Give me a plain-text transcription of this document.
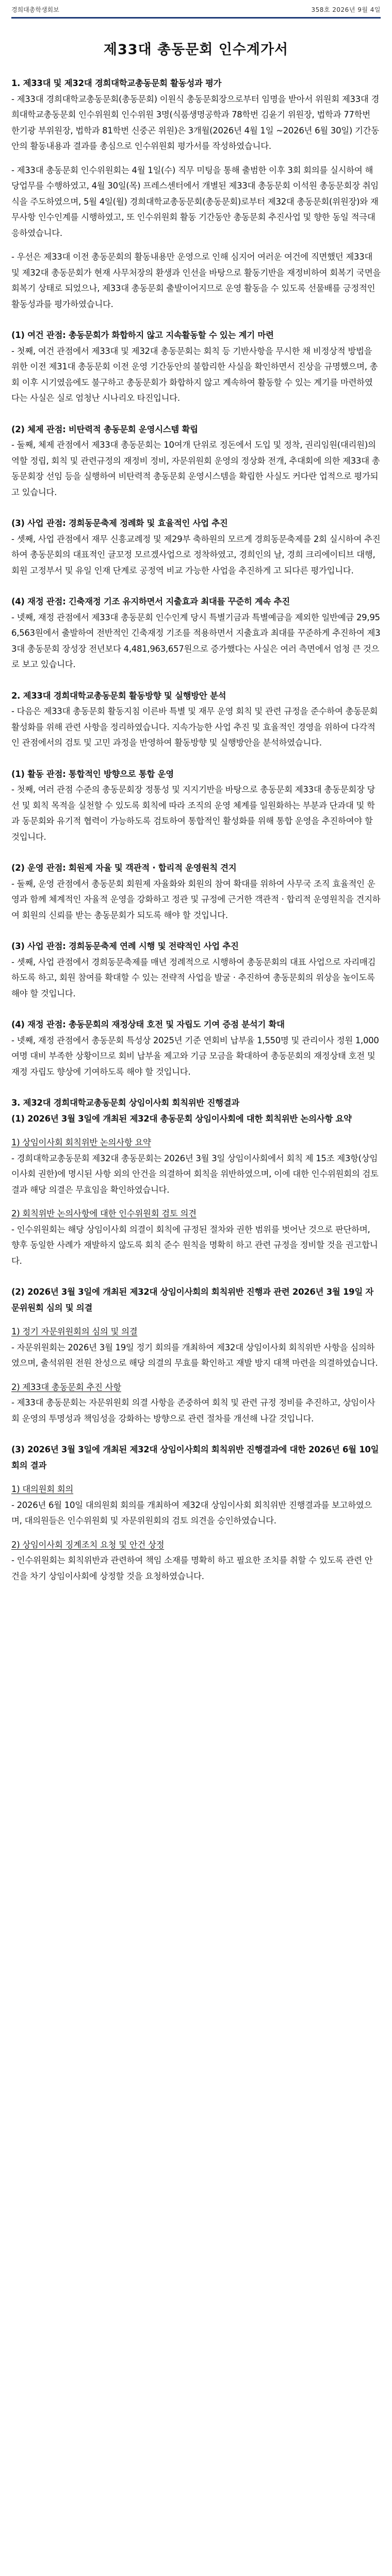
경희대총학생회보	358호 2026년 9월 4일
제33대 총동문회 인수계가서

1. 제33대 및 제32대 경희대학교총동문회 활동성과 평가

- 제33대 경희대학교총동문회(총동문회) 이원식 총동문회장으로부터 임명을 받아서 위원회 제33대 경희대학교총동문회 인수위원회 인수위원 3명(식품생명공학과 78학번 김윤기 위원장, 법학과 77학번 한기광 부위원장, 법학과 81학번 신중곤 위원)은 3개월(2026년 4월 1일 ~2026년 6월 30일) 기간동안의 활동내용과 결과를 총심으로 인수위원회 평가서를 작성하였습니다.

- 제33대 총동문회 인수위원회는 4월 1일(수) 직무 미팅을 통해 출범한 이후 3회 회의를 실시하여 해당업무를 수행하였고, 4월 30일(목) 프레스센터에서 개별된 제33대 총동문회 이석원 총동문회장 취임식을 주도하였으며, 5월 4일(월) 경희대학교총동문회(총동문회)로부터 제32대 총동문회(위원장)와 재무사항 인수인계를 시행하였고, 또 인수위원회 활동 기간동안 총동문회 추진사업 및 향한 동일 적극대응하였습니다.

- 우선은 제33대 이전 총동문회의 활동내용만 운영으로 인해 심지어 여러운 여건에 직면했던 제33대 및 제32대 총동문회가 현재 사무처장의 환생과 인선을 바탕으로 활동기반을 재정비하여 회복기 국면을 회복기 상태로 되었으나, 제33대 총동문회 출발이어지므로 운영 활동을 수 있도록 선물배를 긍정적인 활동성과를 평가하였습니다.

(1) 여건 관점: 총동문회가 화합하지 않고 지속활동할 수 있는 계기 마련

- 첫째, 여건 관점에서 제33대 및 제32대 총동문회는 회칙 등 기반사항을 무시한 채 비정상적 방법을 위한 이전 제31대 총동문회 이전 운영 기간동안의 불합리한 사실을 확인하면서 진상을 규명했으며, 총회 이후 시기였음에도 불구하고 총동문회가 화합하지 않고 계속하여 활동할 수 있는 계기를 마련하였다는 사실은 실로 엄청난 시나리오 타진입니다.

(2) 체제 관점: 비탄력적 총동문회 운영시스템 확립

- 둘째, 체제 관점에서 제33대 총동문회는 10여개 단위로 정돈에서 도입 및 정착, 권리임원(대리원)의 역할 정립, 회칙 및 관련규정의 재정비 정비, 자문위원회 운영의 정상화 전개, 추대회에 의한 제33대 총동문회장 선임 등을 실행하여 비탄력적 총동문회 운영시스템을 확립한 사실도 커다란 업적으로 평가되고 있습니다.

(3) 사업 관점: 경희동문축제 정례화 및 효율적인 사업 추진

- 셋째, 사업 관점에서 재무 신흥교례정 및 제29부 축하원의 모르게 경희동문축제를 2회 실시하여 추진하여 총동문회의 대표적인 글꼬정 모르겠사업으로 정착하였고, 경희인의 날, 경희 크리에이티브 대행, 회원 고정부서 및 유일 인재 단계로 공정역 비교 가능한 사업을 추진하게 고 되다른 평가입니다.

(4) 재정 관점: 긴축재정 기조 유지하면서 지출효과 최대를 꾸준히 계속 추진

- 넷째, 재정 관점에서 제33대 총동문회 인수인계 당시 특별기금과 특별예금을 제외한 일반예금 29,956,563원에서 출발하여 전반적인 긴축재정 기조를 적용하면서 지출효과 최대를 꾸준하게 추진하여 제33대 총동문회 장성장 전년보다 4,481,963,657원으로 증가했다는 사실은 여러 측면에서 엄청 큰 것으로 보고 있습니다.

2. 제33대 경희대학교총동문회 활동방향 및 실행방안 분석

- 다음은 제33대 총동문회 활동지침 이른바 특별 및 재무 운영 회칙 및 관련 규정을 준수하여 총동문회 활성화를 위해 관련 사항을 정리하였습니다. 지속가능한 사업 추진 및 효율적인 경영을 위하여 다각적인 관점에서의 검토 및 고민 과정을 반영하여 활동방향 및 실행방안을 분석하였습니다.

(1) 활동 관점: 통합적인 방향으로 통합 운영

- 첫째, 여러 관점 수준의 총동문회장 정통성 및 지지기반을 바탕으로 총동문회 제33대 총동문회장 당선 및 회칙 목적을 실천할 수 있도록 회칙에 따라 조직의 운영 체계를 일원화하는 부분과 단과대 및 학과 동문회와 유기적 협력이 가능하도록 검토하여 통합적인 활성화를 위해 통합 운영을 추진하여야 할 것입니다.

(2) 운영 관점: 회원제 자율 및 객관적 · 합리적 운영원칙 견지

- 둘째, 운영 관점에서 총동문회 회원제 자율화와 회원의 참여 확대를 위하여 사무국 조직 효율적인 운영과 함께 체계적인 자율적 운영을 강화하고 정관 및 규정에 근거한 객관적 · 합리적 운영원칙을 견지하여 회원의 신뢰를 받는 총동문회가 되도록 해야 할 것입니다.

(3) 사업 관점: 경희동문축제 연례 시행 및 전략적인 사업 추진

- 셋째, 사업 관점에서 경희동문축제를 매년 정례적으로 시행하여 총동문회의 대표 사업으로 자리매김하도록 하고, 회원 참여를 확대할 수 있는 전략적 사업을 발굴 · 추진하여 총동문회의 위상을 높이도록 해야 할 것입니다.

(4) 재정 관점: 총동문회의 재정상태 호전 및 자립도 기여 증점 분석기 확대

- 넷째, 재정 관점에서 총동문회 특성상 2025년 기준 연회비 납부율 1,550명 및 관리이사 정원 1,000여명 대비 부족한 상황이므로 회비 납부율 제고와 기금 모금을 확대하여 총동문회의 재정상태 호전 및 재정 자립도 향상에 기여하도록 해야 할 것입니다.

3. 제32대 경희대학교총동문회 상임이사회 회칙위반 진행결과

(1) 2026년 3월 3일에 개최된 제32대 총동문회 상임이사회에 대한 회칙위반 논의사항 요약

1) 상임이사회 회칙위반 논의사항 요약

- 경희대학교총동문회 제32대 총동문회는 2026년 3월 3일 상임이사회에서 회칙 제 15조 제3항(상임이사회 권한)에 명시된 사항 외의 안건을 의결하여 회칙을 위반하였으며, 이에 대한 인수위원회의 검토 결과 해당 의결은 무효임을 확인하였습니다.

2) 회칙위반 논의사항에 대한 인수위원회 검토 의견

- 인수위원회는 해당 상임이사회 의결이 회칙에 규정된 절차와 권한 범위를 벗어난 것으로 판단하며, 향후 동일한 사례가 재발하지 않도록 회칙 준수 원칙을 명확히 하고 관련 규정을 정비할 것을 권고합니다.

(2) 2026년 3월 3일에 개최된 제32대 상임이사회의 회칙위반 진행과 관련 2026년 3월 19일 자문위원회 심의 및 의결

1) 정기 자문위원회의 심의 및 의결

- 자문위원회는 2026년 3월 19일 정기 회의를 개최하여 제32대 상임이사회 회칙위반 사항을 심의하였으며, 출석위원 전원 찬성으로 해당 의결의 무효를 확인하고 재발 방지 대책 마련을 의결하였습니다.

2) 제33대 총동문회 추진 사항

- 제33대 총동문회는 자문위원회 의결 사항을 존중하여 회칙 및 관련 규정 정비를 추진하고, 상임이사회 운영의 투명성과 책임성을 강화하는 방향으로 관련 절차를 개선해 나갈 것입니다.

(3) 2026년 3월 3일에 개최된 제32대 상임이사회의 회칙위반 진행결과에 대한 2026년 6월 10일 회의 결과

1) 대의원회 회의

- 2026년 6월 10일 대의원회 회의를 개최하여 제32대 상임이사회 회칙위반 진행결과를 보고하였으며, 대의원들은 인수위원회 및 자문위원회의 검토 의견을 승인하였습니다.

2) 상임이사회 징계조치 요청 및 안건 상정

- 인수위원회는 회칙위반과 관련하여 책임 소재를 명확히 하고 필요한 조치를 취할 수 있도록 관련 안건을 차기 상임이사회에 상정할 것을 요청하였습니다.
